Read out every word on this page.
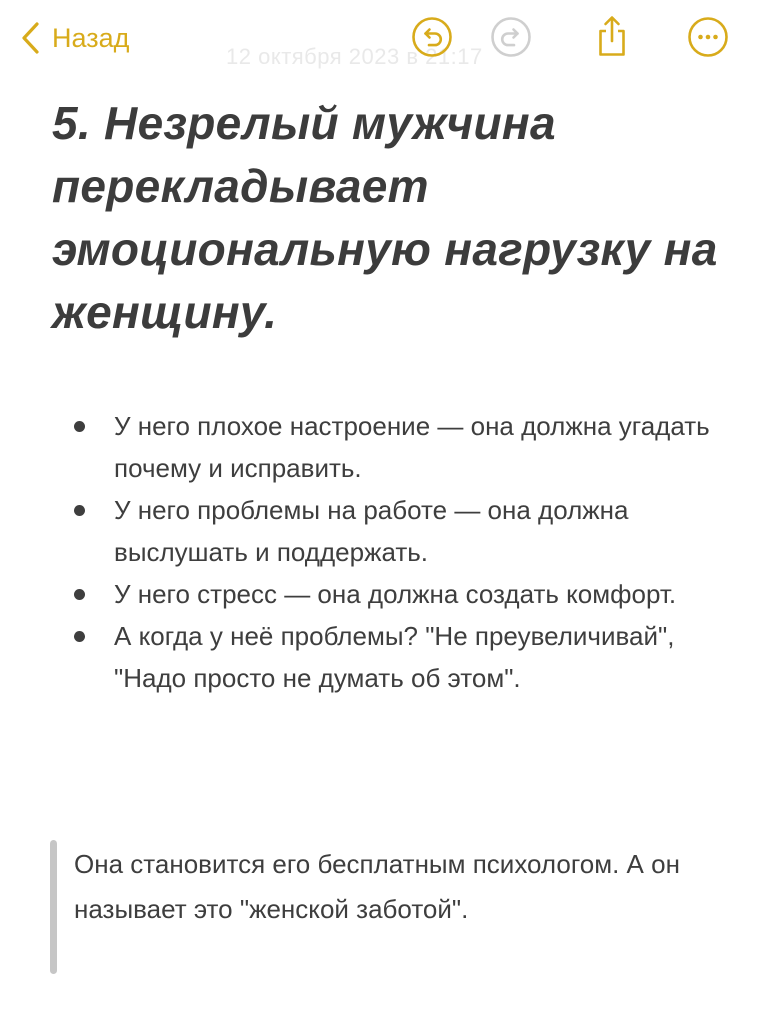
12 октября 2023 в 21:17
Назад
5. Незрелый мужчина перекладывает эмоциональную нагрузку на женщину.
У него плохое настроение — она должна угадать почему и исправить.
У него проблемы на работе — она должна выслушать и поддержать.
У него стресс — она должна создать комфорт.
А когда у неё проблемы? "Не преувеличивай", "Надо просто не думать об этом".
Она становится его бесплатным психологом. А он называет это "женской заботой".
